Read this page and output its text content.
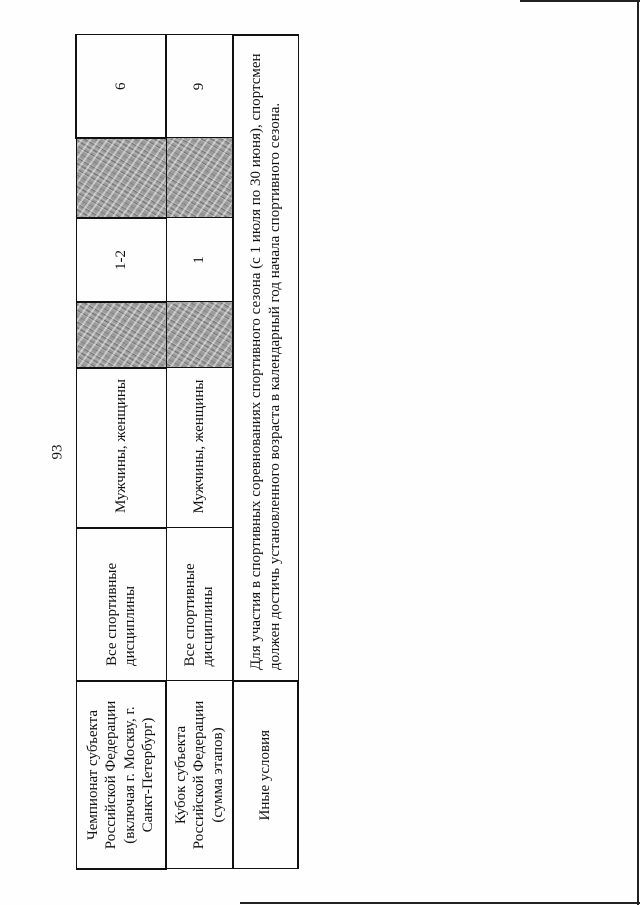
93
Чемпионат субъекта Российской Федерации (включая г. Москву, г. Санкт-Петербург)	Все спортивные дисциплины	Мужчины, женщины		1-2		6
Кубок субъекта Российской Федерации (сумма этапов)	Все спортивные дисциплины	Мужчины, женщины		1		9
Иные условия	Для участия в спортивных соревнованиях спортивного сезона (с 1 июля по 30 июня), спортсмен должен достичь установленного возраста в календарный год начала спортивного сезона.					
